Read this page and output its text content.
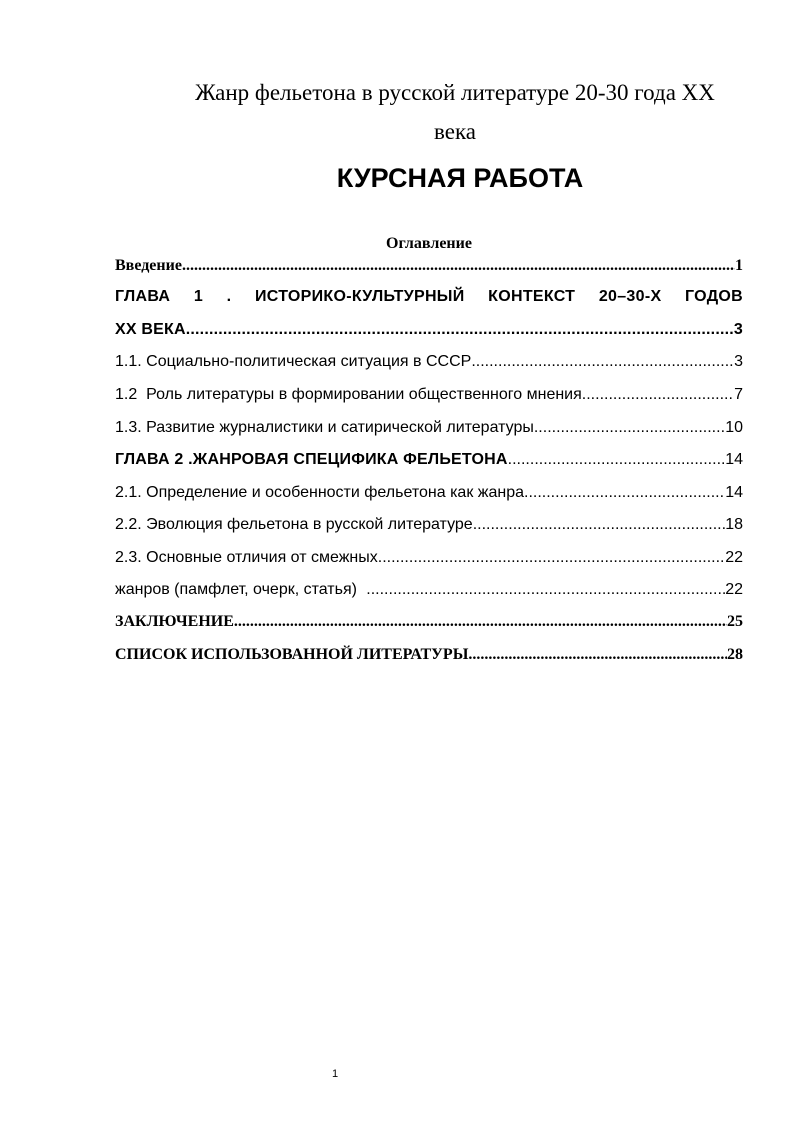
Жанр фельетона в русской литературе 20-30 года XX
века

КУРСНАЯ РАБОТА

Оглавление

Введение .....	1
ГЛАВА 1 . ИСТОРИКО-КУЛЬТУРНЫЙ КОНТЕКСТ 20–30-Х ГОДОВ
XX ВЕКА .....	3
1.1. Социально-политическая ситуация в СССР .....	3
1.2  Роль литературы в формировании общественного мнения .....	7
1.3. Развитие журналистики и сатирической литературы .....	10
ГЛАВА 2 .ЖАНРОВАЯ СПЕЦИФИКА ФЕЛЬЕТОНА .....	14
2.1. Определение и особенности фельетона как жанра .....	14
2.2. Эволюция фельетона в русской литературе .....	18
2.3. Основные отличия от смежных .....	22
жанров (памфлет, очерк, статья) .....	22
ЗАКЛЮЧЕНИЕ .....	25
СПИСОК ИСПОЛЬЗОВАННОЙ ЛИТЕРАТУРЫ .....	28

1
